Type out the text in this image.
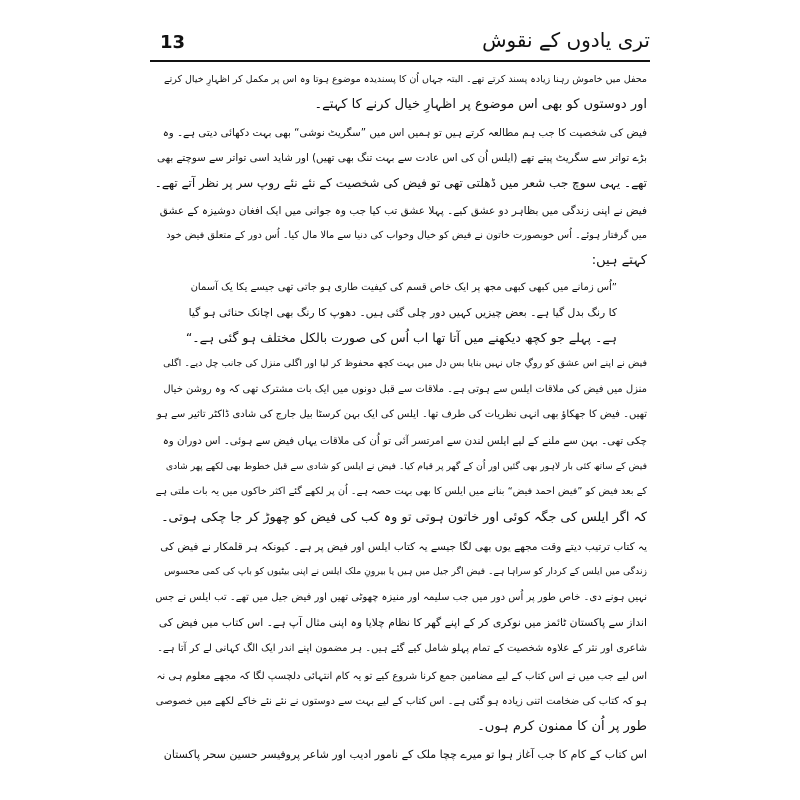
13	تری یادوں کے نقوش
محفل میں خاموش رہنا زیادہ پسند کرتے تھے۔ البتہ جہاں اُن کا پسندیدہ موضوع ہوتا وہ اس پر مکمل کر اظہارِ خیال کرتے
اور دوستوں کو بھی اس موضوع پر اظہارِ خیال کرنے کا کہتے۔
فیض کی شخصیت کا جب ہم مطالعہ کرتے ہیں تو ہمیں اس میں ”سگریٹ نوشی“ بھی بہت دکھائی دیتی ہے۔ وہ
بڑے تواتر سے سگریٹ پیتے تھے (ایلس اُن کی اس عادت سے بہت تنگ بھی تھیں) اور شاید اسی تواتر سے سوچتے بھی
تھے۔ یہی سوچ جب شعر میں ڈھلتی تھی تو فیض کی شخصیت کے نئے نئے روپ سر پر نظر آتے تھے۔
فیض نے اپنی زندگی میں بظاہر دو عشق کیے۔ پہلا عشق تب کیا جب وہ جوانی میں ایک افغان دوشیزہ کے عشق
میں گرفتار ہوئے۔ اُس خوبصورت خاتون نے فیض کو خیال وخواب کی دنیا سے مالا مال کیا۔ اُس دور کے متعلق فیض خود
کہتے ہیں:
”اُس زمانے میں کبھی کبھی مجھ پر ایک خاص قسم کی کیفیت طاری ہو جاتی تھی جیسے یکا یک آسمان
کا رنگ بدل گیا ہے۔ بعض چیزیں کہیں دور چلی گئی ہیں۔ دھوپ کا رنگ بھی اچانک حنائی ہو گیا
ہے۔ پہلے جو کچھ دیکھنے میں آتا تھا اب اُس کی صورت بالکل مختلف ہو گئی ہے۔“
فیض نے اپنے اس عشق کو روگِ جاں نہیں بنایا بس دل میں بہت کچھ محفوظ کر لیا اور اگلی منزل کی جانب چل دیے۔ اگلی
منزل میں فیض کی ملاقات ایلس سے ہوتی ہے۔ ملاقات سے قبل دونوں میں ایک بات مشترک تھی کہ وہ روشن خیال
تھیں۔ فیض کا جھکاؤ بھی انہی نظریات کی طرف تھا۔ ایلس کی ایک بہن کرسٹا بیل جارج کی شادی ڈاکٹر تاثیر سے ہو
چکی تھی۔ بہن سے ملنے کے لیے ایلس لندن سے امرتسر آئی تو اُن کی ملاقات یہاں فیض سے ہوئی۔ اس دوران وہ
فیض کے ساتھ کئی بار لاہور بھی گئیں اور اُن کے گھر پر قیام کیا۔ فیض نے ایلس کو شادی سے قبل خطوط بھی لکھے پھر شادی
کے بعد فیض کو ”فیض احمد فیض“ بنانے میں ایلس کا بھی بہت حصہ ہے۔ اُن پر لکھے گئے اکثر خاکوں میں یہ بات ملتی ہے
کہ اگر ایلس کی جگہ کوئی اور خاتون ہوتی تو وہ کب کی فیض کو چھوڑ کر جا چکی ہوتی۔
یہ کتاب ترتیب دیتے وقت مجھے یوں بھی لگا جیسے یہ کتاب ایلس اور فیض پر ہے۔ کیونکہ ہر قلمکار نے فیض کی
زندگی میں ایلس کے کردار کو سراہا ہے۔ فیض اگر جیل میں ہیں یا بیرونِ ملک ایلس نے اپنی بیٹیوں کو باپ کی کمی محسوس
نہیں ہونے دی۔ خاص طور پر اُس دور میں جب سلیمہ اور منیزہ چھوٹی تھیں اور فیض جیل میں تھے۔ تب ایلس نے جس
انداز سے پاکستان ٹائمز میں نوکری کر کے اپنے گھر کا نظام چلایا وہ اپنی مثال آپ ہے۔ اس کتاب میں فیض کی
شاعری اور نثر کے علاوہ شخصیت کے تمام پہلو شامل کیے گئے ہیں۔ ہر مضمون اپنے اندر ایک الگ کہانی لے کر آتا ہے۔
اس لیے جب میں نے اس کتاب کے لیے مضامین جمع کرنا شروع کیے تو یہ کام انتہائی دلچسپ لگا کہ مجھے معلوم ہی نہ
ہو کہ کتاب کی ضخامت اتنی زیادہ ہو گئی ہے۔ اس کتاب کے لیے بہت سے دوستوں نے نئے نئے خاکے لکھے میں خصوصی
طور پر اُن کا ممنون کرم ہوں۔
اس کتاب کے کام کا جب آغاز ہوا تو میرے چچا ملک کے نامور ادیب اور شاعر پروفیسر حسین سحر پاکستان
